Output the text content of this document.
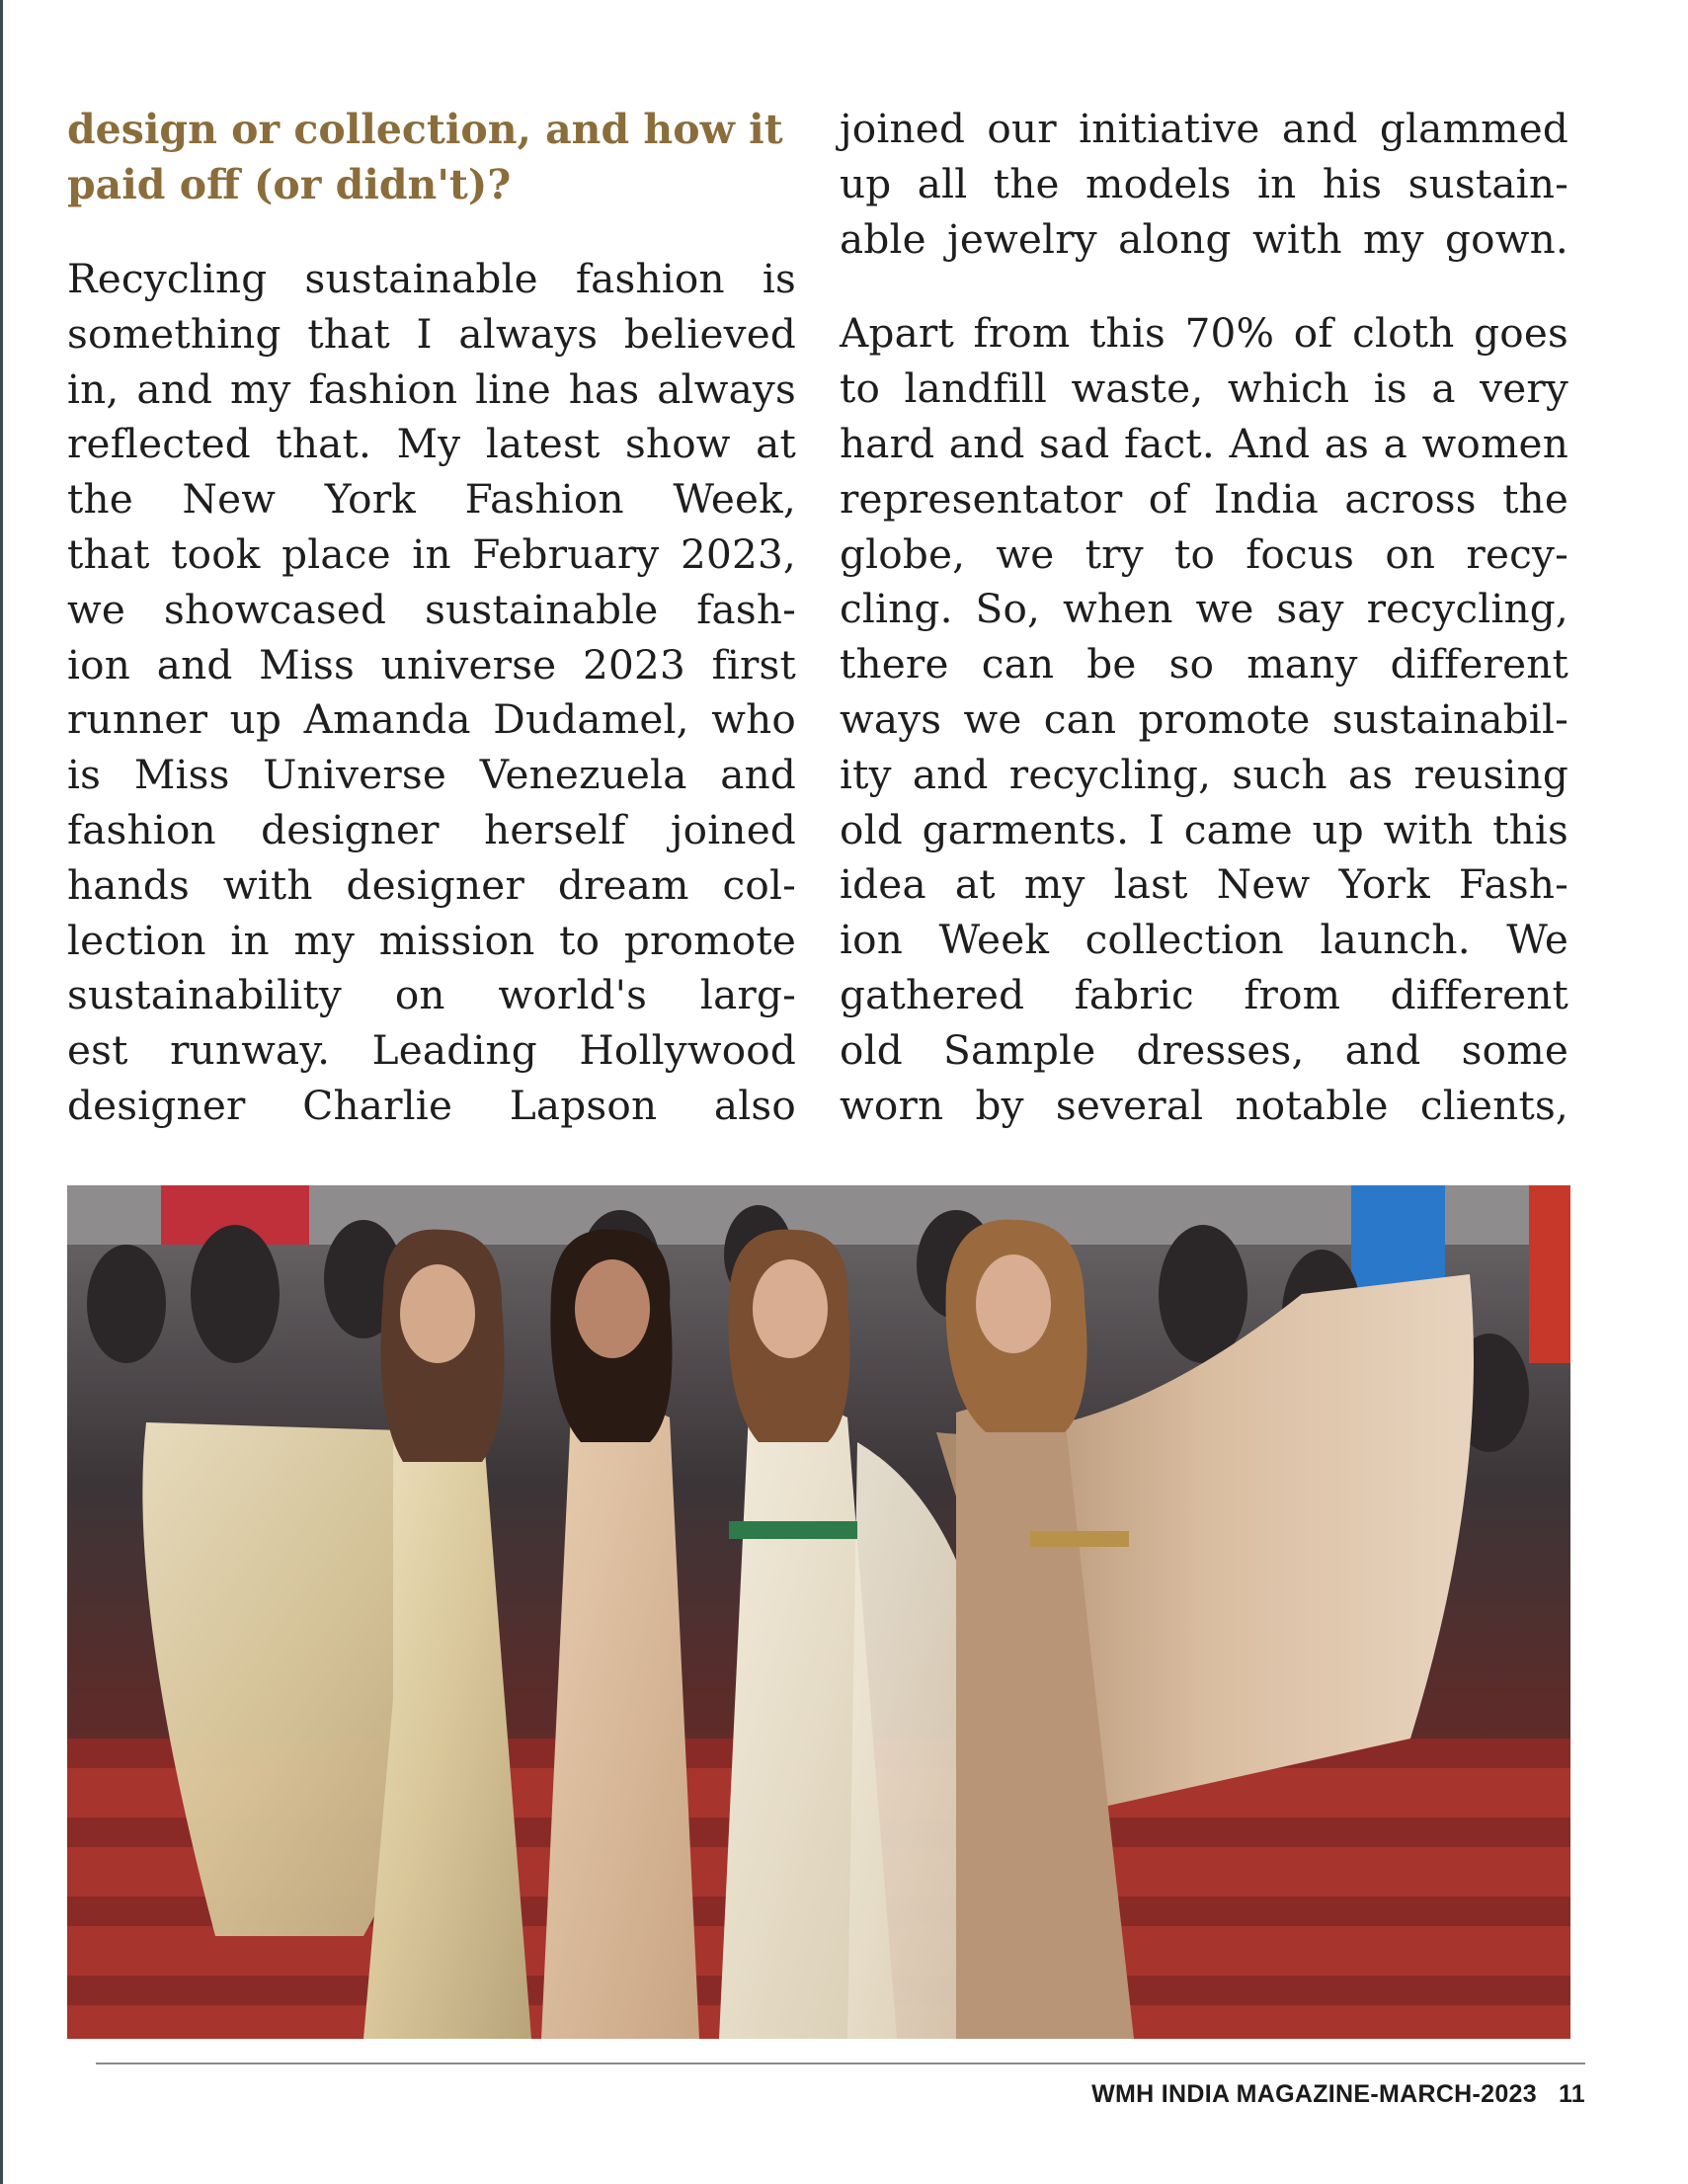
design or collection, and how it
paid off (or didn't)?

Recycling sustainable fashion is
something that I always believed
in, and my fashion line has always
reflected that. My latest show at
the New York Fashion Week,
that took place in February 2023,
we showcased sustainable fash-
ion and Miss universe 2023 first
runner up Amanda Dudamel, who
is Miss Universe Venezuela and
fashion designer herself joined
hands with designer dream col-
lection in my mission to promote
sustainability on world's larg-
est runway. Leading Hollywood
designer Charlie Lapson also

joined our initiative and glammed
up all the models in his sustain-
able jewelry along with my gown.

Apart from this 70% of cloth goes
to landfill waste, which is a very
hard and sad fact. And as a women
representator of India across the
globe, we try to focus on recy-
cling. So, when we say recycling,
there can be so many different
ways we can promote sustainabil-
ity and recycling, such as reusing
old garments. I came up with this
idea at my last New York Fash-
ion Week collection launch. We
gathered fabric from different
old Sample dresses, and some
worn by several notable clients,

WMH INDIA MAGAZINE-MARCH-2023 11
